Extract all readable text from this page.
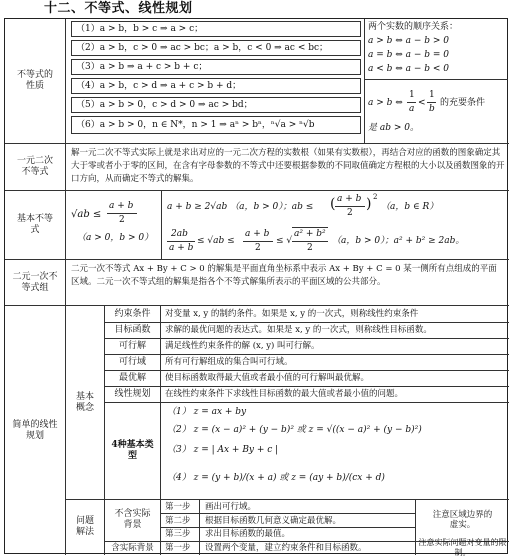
十二、不等式、线性规划
不等式的性质
（1）a > b，b > c ⇒ a > c；
（2）a > b，c > 0 ⇒ ac > bc；a > b，c < 0 ⇒ ac < bc；
（3）a > b ⇒ a + c > b + c；
（4）a > b，c > d ⇒ a + c > b + d；
（5）a > b > 0，c > d > 0 ⇒ ac > bd；
（6）a > b > 0，n ∈ N*，n > 1 ⇒ aⁿ > bⁿ，ⁿ√a > ⁿ√b
两个实数的顺序关系：
a > b ⇔ a − b > 0
a = b ⇔ a − b = 0
a < b ⇔ a − b < 0
a > b ⇔
1
a
<
1
b
的充要条件
是 ab > 0。
一元二次不等式
解一元二次不等式实际上就是求出对应的一元二次方程的实数根（如果有实数根），再结合对应的函数的图象确定其大于零或者小于零的区间，在含有字母参数的不等式中还要根据参数的不同取值确定方程根的大小以及函数图象的开口方向，从而确定不等式的解集。
基本不等式
√ab ≤
a + b
2
（a > 0，b > 0）
a + b ≥ 2√ab （a，b > 0）；ab ≤ ( a + b
2
) 2
（a，b ∈ R）
2ab
a + b
≤ √ab ≤
a + b
2
≤ √
a² + b²
2
（a，b > 0）；a² + b² ≥ 2ab。
二元一次不等式组
二元一次不等式 Ax + By + C > 0 的解集是平面直角坐标系中表示 Ax + By + C = 0 某一侧所有点组成的平面区域。二元一次不等式组的解集是指各个不等式解集所表示的平面区域的公共部分。
简单的线性规划
基本概念
约束条件 对变量 x, y 的制约条件。如果是 x, y 的一次式，则称线性约束条件
目标函数 求解的最优问题的表达式。如果是 x, y 的一次式，则称线性目标函数。
可行解 满足线性约束条件的解 (x, y) 叫可行解。
可行域 所有可行解组成的集合叫可行域。
最优解 使目标函数取得最大值或者最小值的可行解叫最优解。
线性规划 在线性约束条件下求线性目标函数的最大值或者最小值的问题。
4种基本类型
（1） z = ax + by
（2） z = (x − a)² + (y − b)² 或 z = √((x − a)² + (y − b)²)
（3） z = | Ax + By + c |
（4） z = (y + b)/(x + a) 或 z = (ay + b)/(cx + d)
问题解法
不含实际背景
第一步 画出可行域。
第二步 根据目标函数几何意义确定最优解。
第三步 求出目标函数的最值。
注意区域边界的虚实。
含实际背景 第一步 设置两个变量，建立约束条件和目标函数。
注意实际问题对变量的限制。
